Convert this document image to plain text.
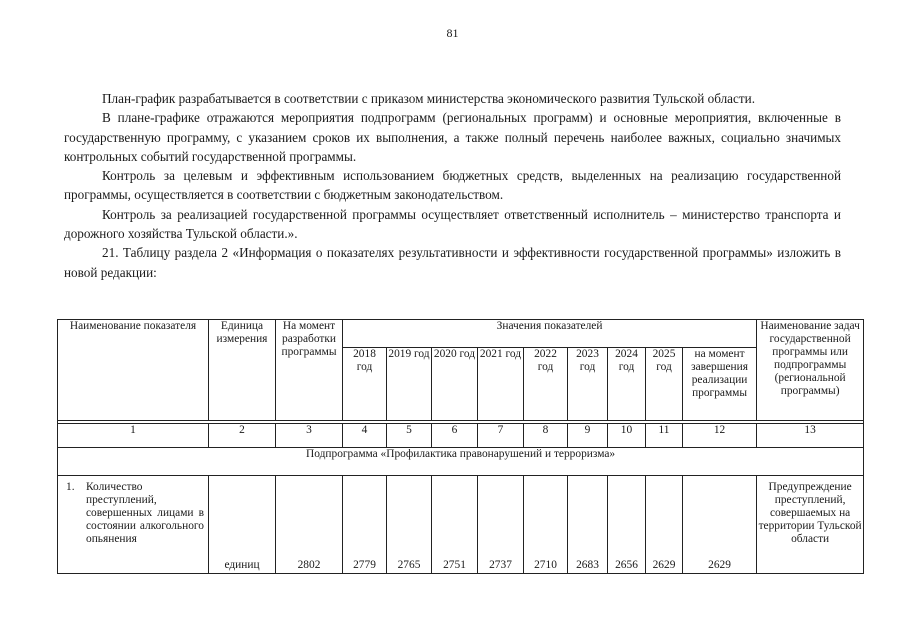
81

План-график разрабатывается в соответствии с приказом министерства экономического развития Тульской области.

В плане-графике отражаются мероприятия подпрограмм (региональных программ) и основные мероприятия, включенные в государственную программу, с указанием сроков их выполнения, а также полный перечень наиболее важных, социально значимых контрольных событий государственной программы.

Контроль за целевым и эффективным использованием бюджетных средств, выделенных на реализацию государственной программы, осуществляется в соответствии с бюджетным законодательством.

Контроль за реализацией государственной программы осуществляет ответственный исполнитель – министерство транспорта и дорожного хозяйства Тульской области.».

21. Таблицу раздела 2 «Информация о показателях результативности и эффективности государственной программы» изложить в новой редакции:

Наименование показателя	Единица измерения	На момент разработки программы	Значения показателей									Наименование задач государственной программы или подпрограммы (региональной программы)
			2018 год	2019 год	2020 год	2021 год	2022 год	2023 год	2024 год	2025 год	на момент завершения реализации программы	

1	2	3	4	5	6	7	8	9	10	11	12	13
Подпрограмма «Профилактика правонарушений и терроризма»												

1. Количество преступлений, совершенных лицами в состоянии алкогольного опьянения	единиц	2802	2779	2765	2751	2737	2710	2683	2656	2629	2629	Предупреждение преступлений, совершаемых на территории Тульской области
